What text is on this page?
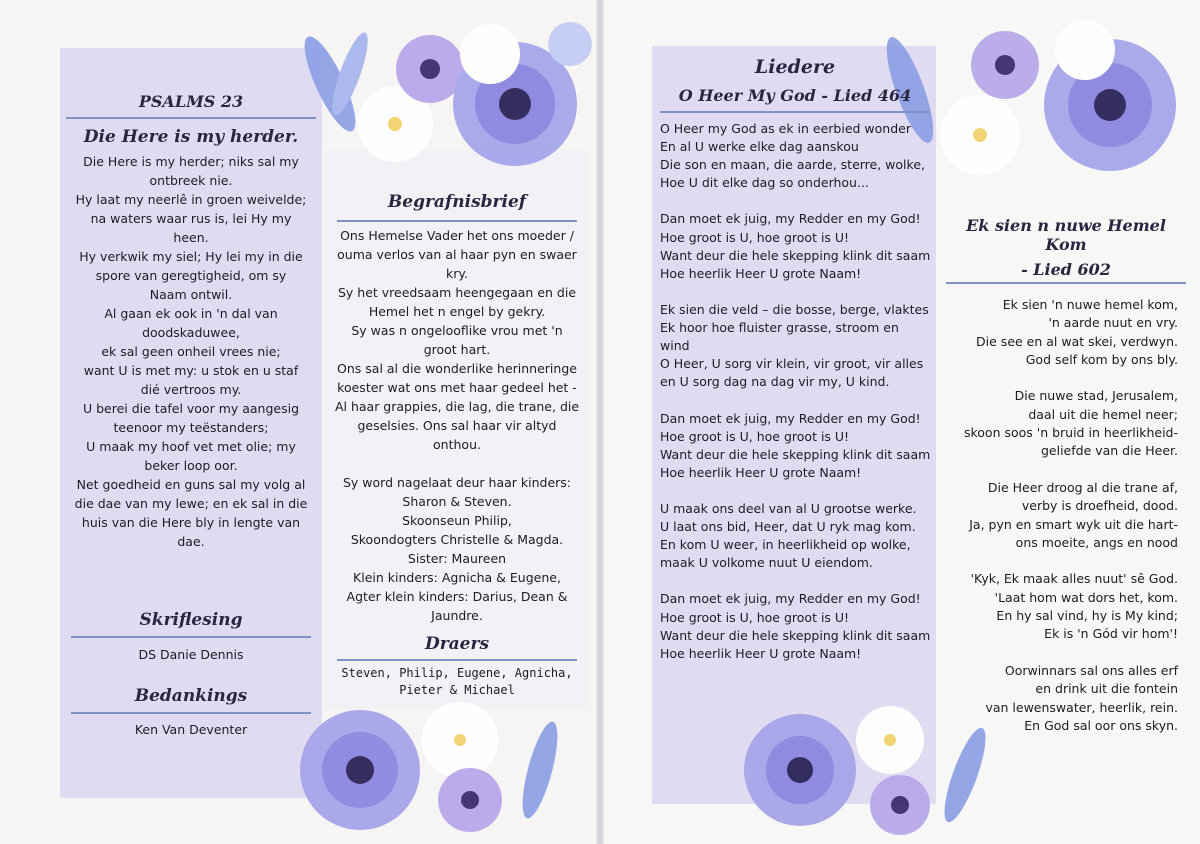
PSALMS 23
Die Here is my herder.
Die Here is my herder; niks sal my
ontbreek nie.
Hy laat my neerlê in groen weivelde;
na waters waar rus is, lei Hy my
heen.
Hy verkwik my siel; Hy lei my in die
spore van geregtigheid, om sy
Naam ontwil.
Al gaan ek ook in 'n dal van
doodskaduwee,
ek sal geen onheil vrees nie;
want U is met my: u stok en u staf
dié vertroos my.
U berei die tafel voor my aangesig
teenoor my teëstanders;
U maak my hoof vet met olie; my
beker loop oor.
Net goedheid en guns sal my volg al
die dae van my lewe; en ek sal in die
huis van die Here bly in lengte van
dae.
Skriflesing
DS Danie Dennis
Bedankings
Ken Van Deventer
Begrafnisbrief
Ons Hemelse Vader het ons moeder /
ouma verlos van al haar pyn en swaer
kry.
Sy het vreedsaam heengegaan en die
Hemel het n engel by gekry.
Sy was n ongelooflike vrou met 'n
groot hart.
Ons sal al die wonderlike herinneringe
koester wat ons met haar gedeel het -
Al haar grappies, die lag, die trane, die
geselsies. Ons sal haar vir altyd
onthou.

Sy word nagelaat deur haar kinders:
Sharon & Steven.
Skoonseun Philip,
Skoondogters Christelle & Magda.
Sister: Maureen
Klein kinders: Agnicha & Eugene,
Agter klein kinders: Darius, Dean &
Jaundre.
Draers
Steven, Philip, Eugene, Agnicha,
Pieter & Michael
Liedere
O Heer My God - Lied 464
O Heer my God as ek in eerbied wonder
En al U werke elke dag aanskou
Die son en maan, die aarde, sterre, wolke,
Hoe U dit elke dag so onderhou...

Dan moet ek juig, my Redder en my God!
Hoe groot is U, hoe groot is U!
Want deur die hele skepping klink dit saam
Hoe heerlik Heer U grote Naam!

Ek sien die veld – die bosse, berge, vlaktes
Ek hoor hoe fluister grasse, stroom en
wind
O Heer, U sorg vir klein, vir groot, vir alles
en U sorg dag na dag vir my, U kind.

Dan moet ek juig, my Redder en my God!
Hoe groot is U, hoe groot is U!
Want deur die hele skepping klink dit saam
Hoe heerlik Heer U grote Naam!

U maak ons deel van al U grootse werke.
U laat ons bid, Heer, dat U ryk mag kom.
En kom U weer, in heerlikheid op wolke,
maak U volkome nuut U eiendom.

Dan moet ek juig, my Redder en my God!
Hoe groot is U, hoe groot is U!
Want deur die hele skepping klink dit saam
Hoe heerlik Heer U grote Naam!
Ek sien n nuwe Hemel Kom
- Lied 602
Ek sien 'n nuwe hemel kom,
'n aarde nuut en vry.
Die see en al wat skei, verdwyn.
God self kom by ons bly.

Die nuwe stad, Jerusalem,
daal uit die hemel neer;
skoon soos 'n bruid in heerlikheid-
geliefde van die Heer.

Die Heer droog al die trane af,
verby is droefheid, dood.
Ja, pyn en smart wyk uit die hart-
ons moeite, angs en nood

'Kyk, Ek maak alles nuut' sê God.
'Laat hom wat dors het, kom.
En hy sal vind, hy is My kind;
Ek is 'n Gód vir hom'!

Oorwinnars sal ons alles erf
en drink uit die fontein
van lewenswater, heerlik, rein.
En God sal oor ons skyn.
